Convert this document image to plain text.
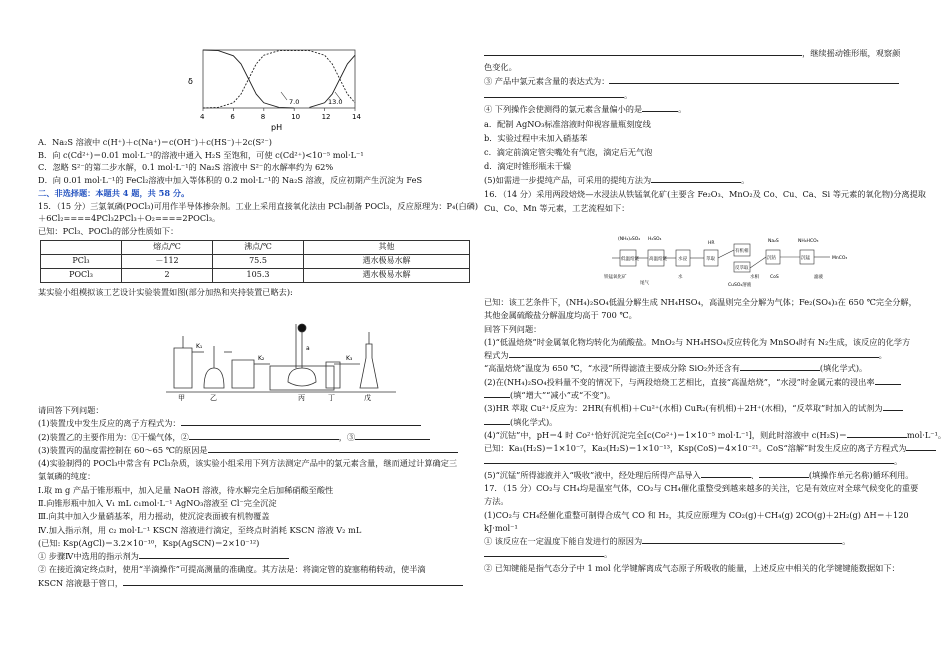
δ
pH
4	6	8	10	12	14
7.0	13.0
A．Na₂S 溶液中 c(H⁺)＋c(Na⁺)＝c(OH⁻)＋c(HS⁻)＋2c(S²⁻)
B．向 c(Cd²⁺)＝0.01 mol·L⁻¹的溶液中通入 H₂S 至饱和，可使 c(Cd²⁺)<10⁻⁵ mol·L⁻¹
C．忽略 S²⁻的第二步水解，0.1 mol·L⁻¹的 Na₂S 溶液中 S²⁻的水解率约为 62%
D．向 0.01 mol·L⁻¹的 FeCl₂溶液中加入等体积的 0.2 mol·L⁻¹的 Na₂S 溶液，反应初期产生沉淀为 FeS
二、非选择题：本题共 4 题，共 58 分。
15．（15 分）三氯氧磷(POCl₃)可用作半导体掺杂剂。工业上采用直接氧化法由 PCl₃制备 POCl₃，反应原理为：P₄(白磷)
＋6Cl₂====4PCl₃2PCl₃＋O₂====2POCl₃。
已知：PCl₃、POCl₃的部分性质如下：
	熔点/℃	沸点/℃	其他
PCl₃	－112	75.5	遇水极易水解
POCl₃	2	105.3	遇水极易水解
某实验小组模拟该工艺设计实验装置如图(部分加热和夹持装置已略去):
甲	乙	丙	丁	戊
K₁
K₂	K₃
a
请回答下列问题：
(1)装置戊中发生反应的离子方程式为：
(2)装置乙的主要作用为：①干燥气体，②	，③
(3)装置丙的温度需控制在 60～65 ℃的原因是
(4)实验制得的 POCl₃中常含有 PCl₃杂质，该实验小组采用下列方法测定产品中的氯元素含量，继而通过计算确定三
氯氧磷的纯度：
Ⅰ.取 m g 产品于锥形瓶中，加入足量 NaOH 溶液，待水解完全后加稀硝酸至酸性
Ⅱ.向锥形瓶中加入 V₁ mL c₁mol·L⁻¹ AgNO₃溶液至 Cl⁻完全沉淀
Ⅲ.向其中加入少量硝基苯，用力摇动，使沉淀表面被有机物覆盖
Ⅳ.加入指示剂，用 c₂ mol·L⁻¹ KSCN 溶液进行滴定，至终点时消耗 KSCN 溶液 V₂ mL
(已知: Ksp(AgCl)＝3.2×10⁻¹⁰，Ksp(AgSCN)＝2×10⁻¹²)
① 步骤Ⅳ中选用的指示剂为
② 在接近滴定终点时，使用“半滴操作”可提高测量的准确度。其方法是：将滴定管的旋塞稍稍转动，使半滴
KSCN 溶液悬于管口，
，继续摇动锥形瓶，观察颜
色变化。
③ 产品中氯元素含量的表达式为：
。
④ 下列操作会使测得的氯元素含量偏小的是	。
a．配制 AgNO₃标准溶液时仰视容量瓶刻度线
b．实验过程中未加入硝基苯
c．滴定前滴定管尖嘴处有气泡，滴定后无气泡
d．滴定时锥形瓶未干燥
(5)如需进一步提纯产品，可采用的提纯方法为	。
16．（14 分）采用两段焙烧—水浸法从铁锰氧化矿(主要含 Fe₂O₃、MnO₂及 Co、Cu、Ca、Si 等元素的氧化物)分离提取
Cu、Co、Mn 等元素，工艺流程如下：
(NH₄)₂SO₄ H₂SO₄
铁锰氧化矿
低温焙烧 高温焙烧 水浸
HR
萃取
有机相
反萃取
水相
Na₂S
沉钴
NH₄HCO₃
沉锰	MnCO₃
水
CuSO₄溶液
CoS	滤液
尾气
已知：该工艺条件下，(NH₄)₂SO₄低温分解生成 NH₄HSO₄，高温则完全分解为气体；Fe₂(SO₄)₃在 650 ℃完全分解，
其他金属硫酸盐分解温度均高于 700 ℃。
回答下列问题：
(1)“低温焙烧”时金属氧化物均转化为硫酸盐。MnO₂与 NH₄HSO₄反应转化为 MnSO₄时有 N₂生成，该反应的化学方
程式为	。
“高温焙烧”温度为 650 ℃，“水浸”所得滤渣主要成分除 SiO₂外还含有	(填化学式)。
(2)在(NH₄)₂SO₄投料量不变的情况下，与两段焙烧工艺相比，直接“高温焙烧”，“水浸”时金属元素的浸出率
(填“增大”“减小”或“不变”)。
(3)HR 萃取 Cu²⁺反应为：2HR(有机相)＋Cu²⁺(水相) CuR₂(有机相)＋2H⁺(水相)，“反萃取”时加入的试剂为
(填化学式)。
(4)“沉钴”中，pH＝4 时 Co²⁺恰好沉淀完全[c(Co²⁺)＝1×10⁻⁵ mol·L⁻¹]，则此时溶液中 c(H₂S)＝	mol·L⁻¹。
已知：Ka₁(H₂S)＝1×10⁻⁷，Ka₂(H₂S)＝1×10⁻¹³，Ksp(CoS)＝4×10⁻²¹。CoS“溶解”时发生反应的离子方程式为
。
(5)“沉锰”所得滤液并入“吸收”液中，经处理后所得产品导入	、	(填操作单元名称)循环利用。
17．（15 分）CO₂与 CH₄均是温室气体，CO₂与 CH₄催化重整受到越来越多的关注，它是有效应对全球气候变化的重要
方法。
(1)CO₂与 CH₄经催化重整可制得合成气 CO 和 H₂，其反应原理为 CO₂(g)＋CH₄(g) 2CO(g)＋2H₂(g) ΔH＝＋120
kJ·mol⁻¹
① 该反应在一定温度下能自发进行的原因为	。
。
② 已知键能是指气态分子中 1 mol 化学键解离成气态原子所吸收的能量，上述反应中相关的化学键键能数据如下：
